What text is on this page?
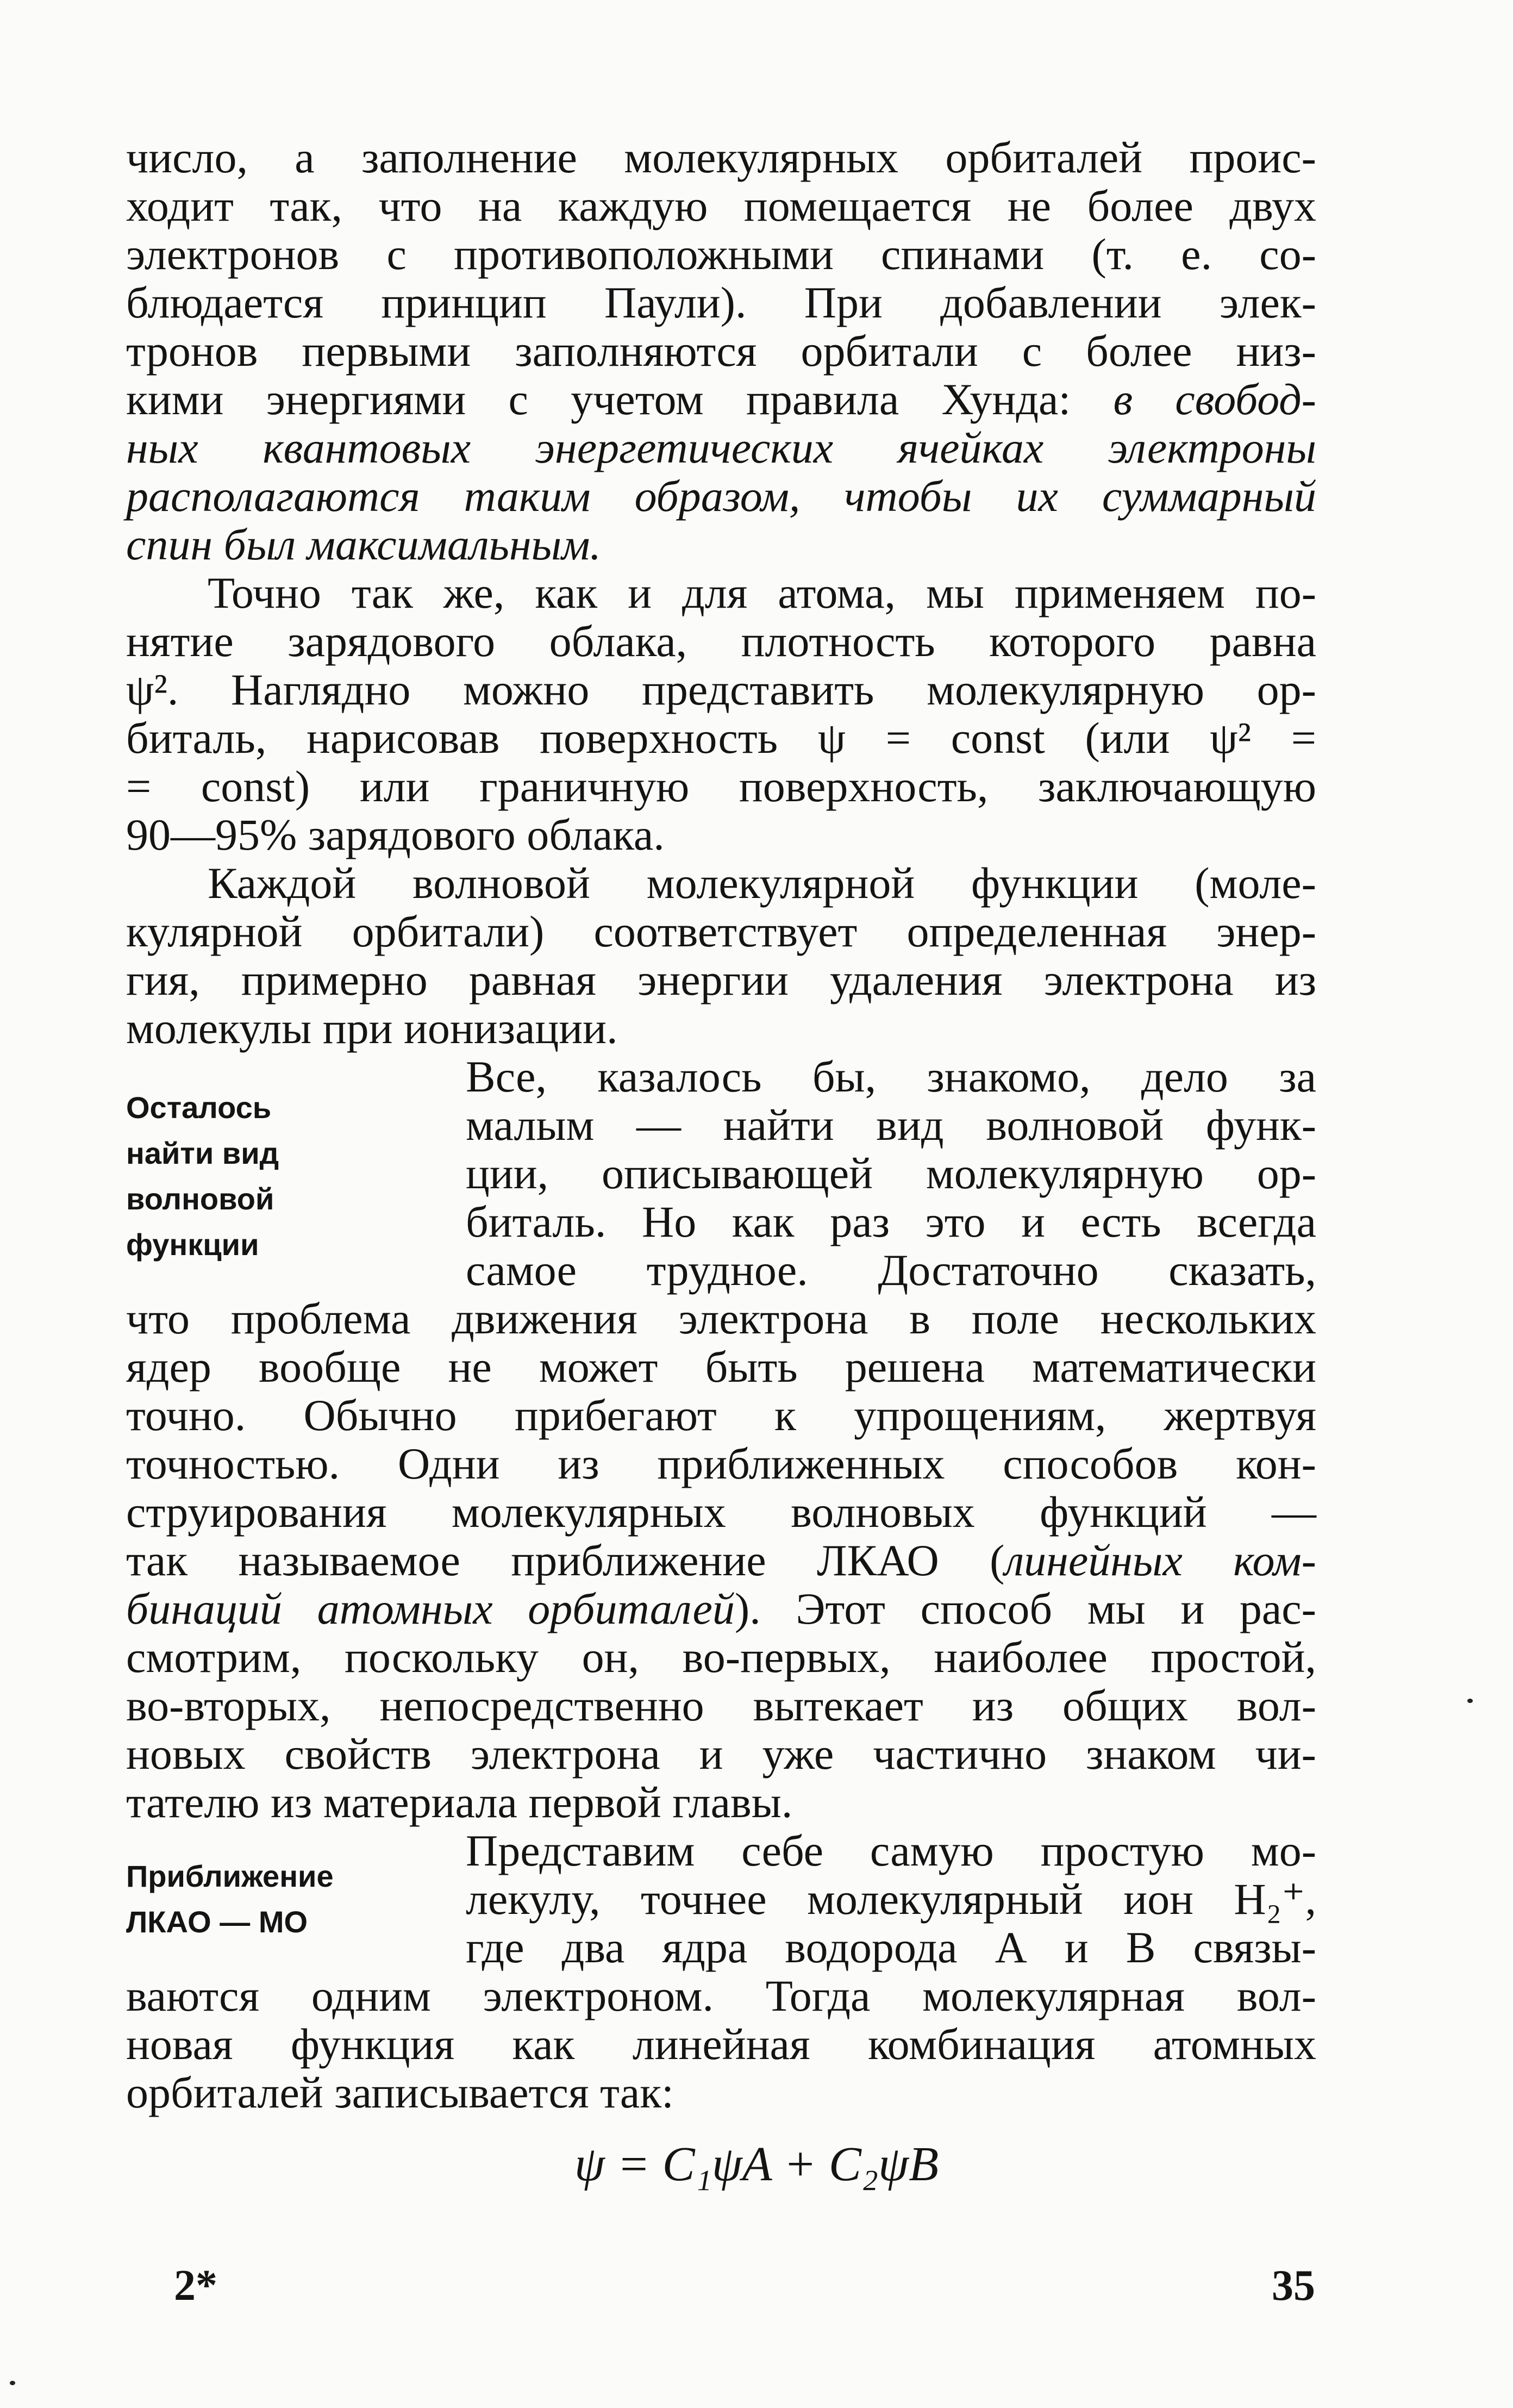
число, а заполнение молекулярных орбиталей проис-
ходит так, что на каждую помещается не более двух
электронов с противоположными спинами (т. е. со-
блюдается принцип Паули). При добавлении элек-
тронов первыми заполняются орбитали с более низ-
кими энергиями с учетом правила Хунда: в свобод-
ных квантовых энергетических ячейках электроны
располагаются таким образом, чтобы их суммарный
спин был максимальным.

Точно так же, как и для атома, мы применяем по-
нятие зарядового облака, плотность которого равна
ψ². Наглядно можно представить молекулярную ор-
биталь, нарисовав поверхность ψ = const (или ψ² =
= const) или граничную поверхность, заключающую
90—95% зарядового облака.

Каждой волновой молекулярной функции (моле-
кулярной орбитали) соответствует определенная энер-
гия, примерно равная энергии удаления электрона из
молекулы при ионизации.

Осталось
найти вид
волновой
функции
Все, казалось бы, знакомо, дело за
малым — найти вид волновой функ-
ции, описывающей молекулярную ор-
биталь. Но как раз это и есть всегда
самое трудное. Достаточно сказать,
что проблема движения электрона в поле нескольких
ядер вообще не может быть решена математически
точно. Обычно прибегают к упрощениям, жертвуя
точностью. Одни из приближенных способов кон-
струирования молекулярных волновых функций —
так называемое приближение ЛКАО (линейных ком-
бинаций атомных орбиталей). Этот способ мы и рас-
смотрим, поскольку он, во-первых, наиболее простой,
во-вторых, непосредственно вытекает из общих вол-
новых свойств электрона и уже частично знаком чи-
тателю из материала первой главы.

Приближение
ЛКАО — МО
Представим себе самую простую мо-
лекулу, точнее молекулярный ион H₂⁺,
где два ядра водорода А и В связы-
ваются одним электроном. Тогда молекулярная вол-
новая функция как линейная комбинация атомных
орбиталей записывается так:

ψ = C₁ψA + C₂ψB
2*	35
